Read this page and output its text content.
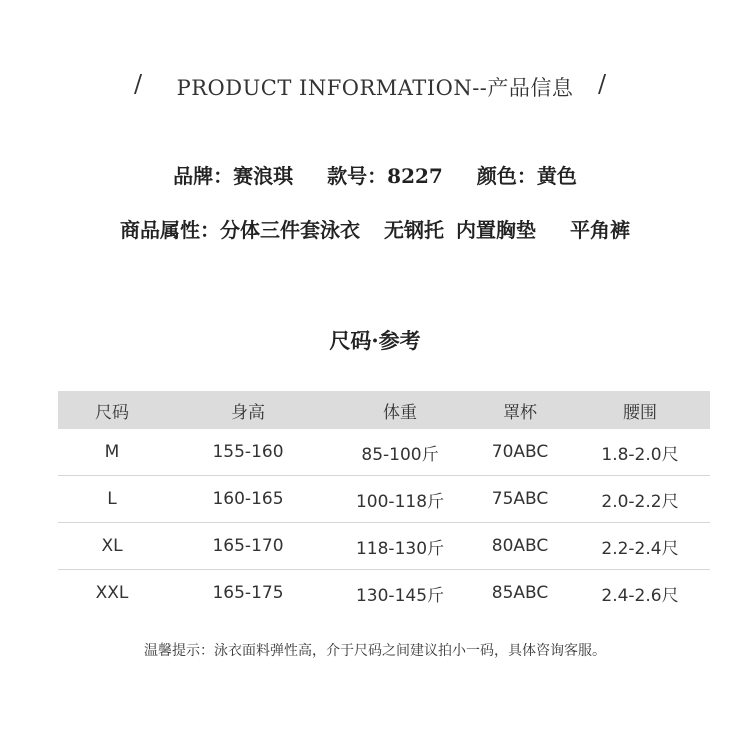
/	PRODUCT INFORMATION--产品信息	/
品牌：赛浪琪 款号：8227 颜色：黄色
商品属性：分体三件套泳衣 无钢托 内置胸垫 平角裤
尺码·参考
尺码	身高	体重	罩杯	腰围
M	155-160	85-100斤	70ABC	1.8-2.0尺
L	160-165	100-118斤	75ABC	2.0-2.2尺
XL	165-170	118-130斤	80ABC	2.2-2.4尺
XXL	165-175	130-145斤	85ABC	2.4-2.6尺
温馨提示：泳衣面料弹性高，介于尺码之间建议拍小一码，具体咨询客服。
